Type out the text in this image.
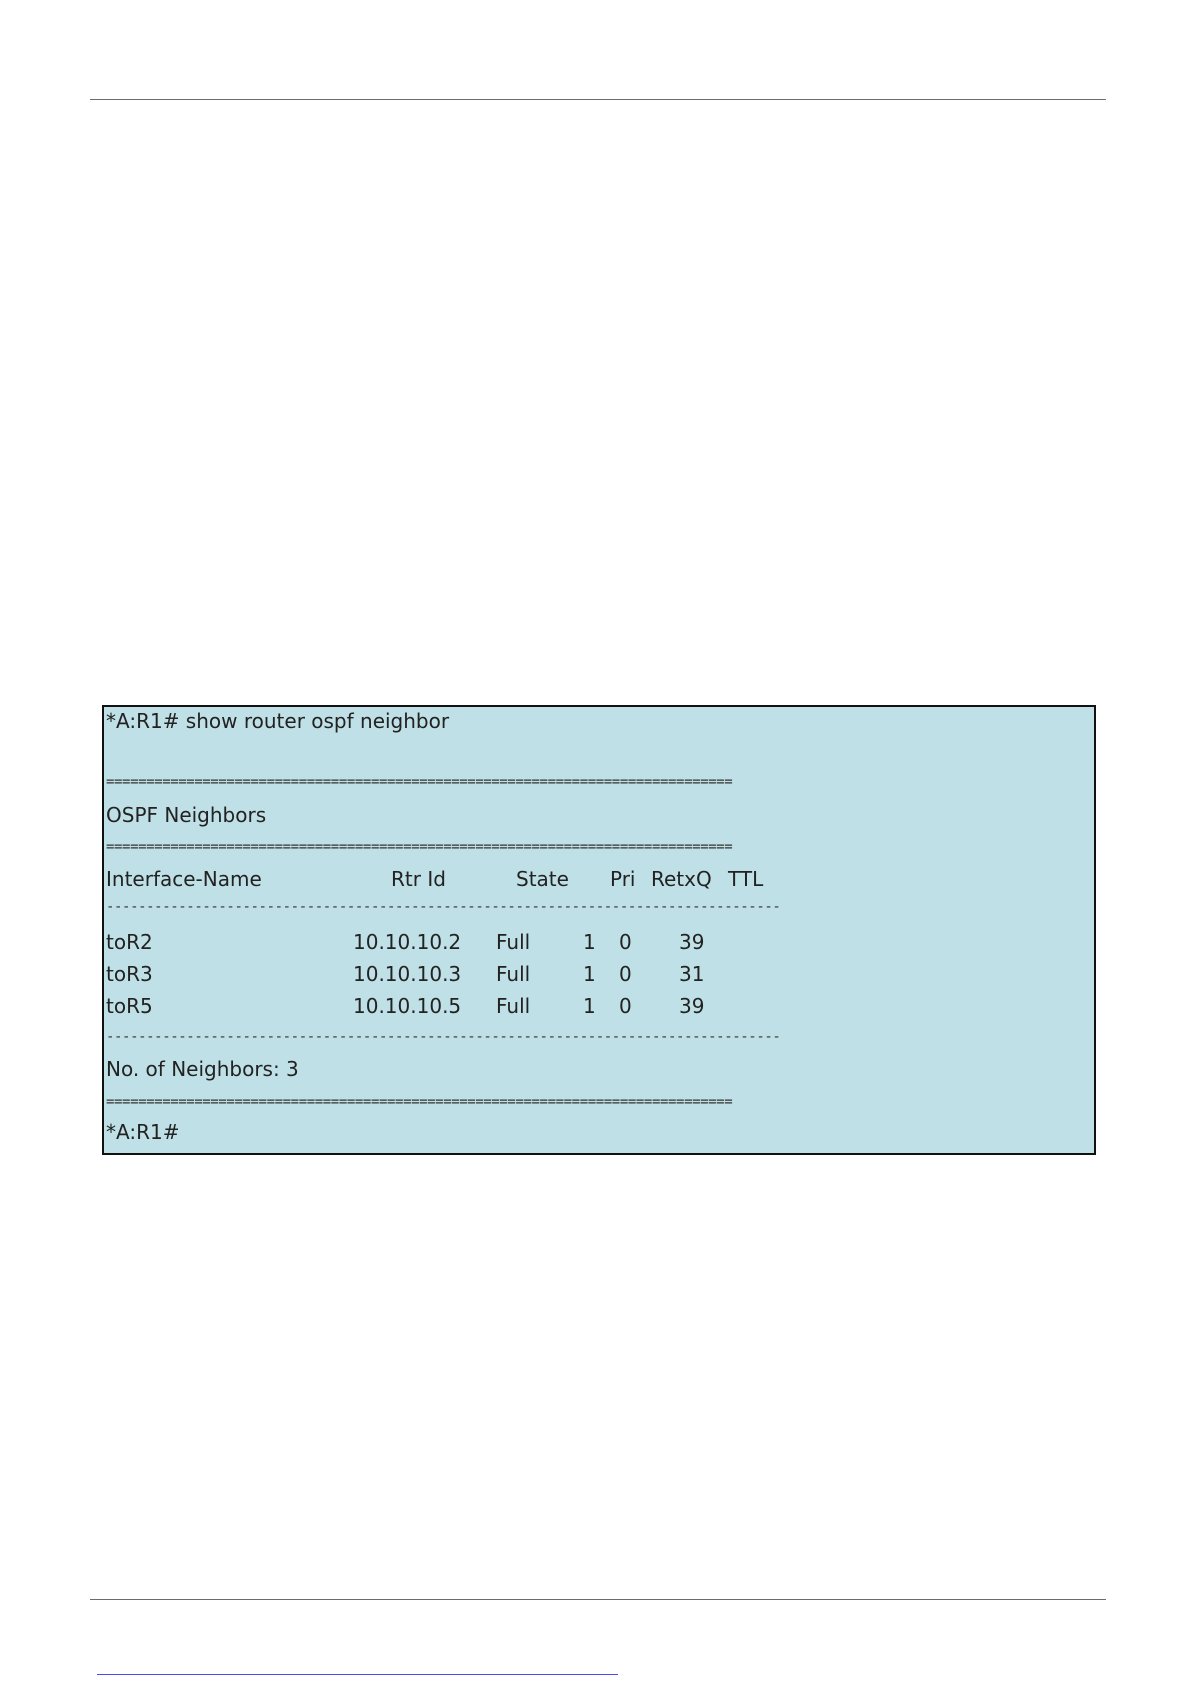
*A:R1# show router ospf neighbor
==============================================================================
OSPF Neighbors
==============================================================================
Interface-Name	Rtr Id	State Pri RetxQ TTL
------------------------------------------------------------------------------------
toR2	10.10.10.2 Full	1 0 39
toR3	10.10.10.3 Full	1 0 31
toR5	10.10.10.5 Full	1 0 39
------------------------------------------------------------------------------------
No. of Neighbors: 3
==============================================================================
*A:R1#
